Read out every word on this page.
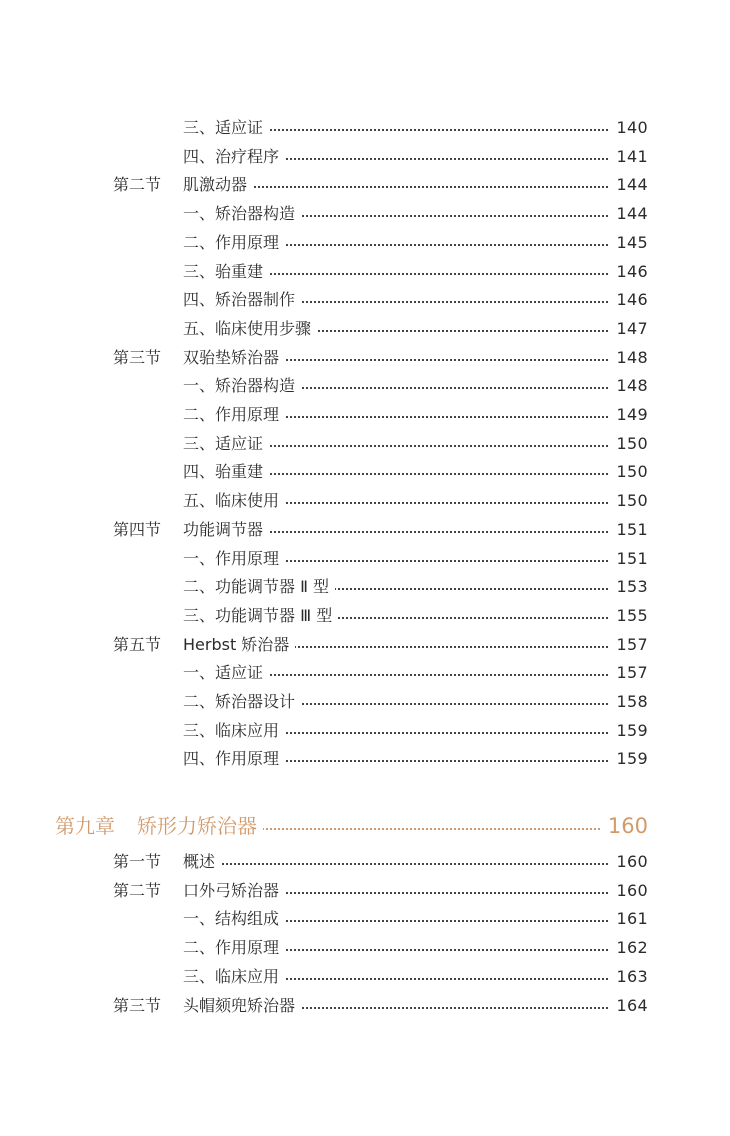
三、适应证	140
四、治疗程序	141
第二节 肌激动器	144
一、矫治器构造	144
二、作用原理	145
三、骀重建	146
四、矫治器制作	146
五、临床使用步骤	147
第三节 双骀垫矫治器	148
一、矫治器构造	148
二、作用原理	149
三、适应证	150
四、骀重建	150
五、临床使用	150
第四节 功能调节器	151
一、作用原理	151
二、功能调节器 Ⅱ 型	153
三、功能调节器 Ⅲ 型	155
第五节 Herbst 矫治器	157
一、适应证	157
二、矫治器设计	158
三、临床应用	159
四、作用原理	159
第九章 矫形力矫治器	160
第一节 概述	160
第二节 口外弓矫治器	160
一、结构组成	161
二、作用原理	162
三、临床应用	163
第三节 头帽颏兜矫治器	164
